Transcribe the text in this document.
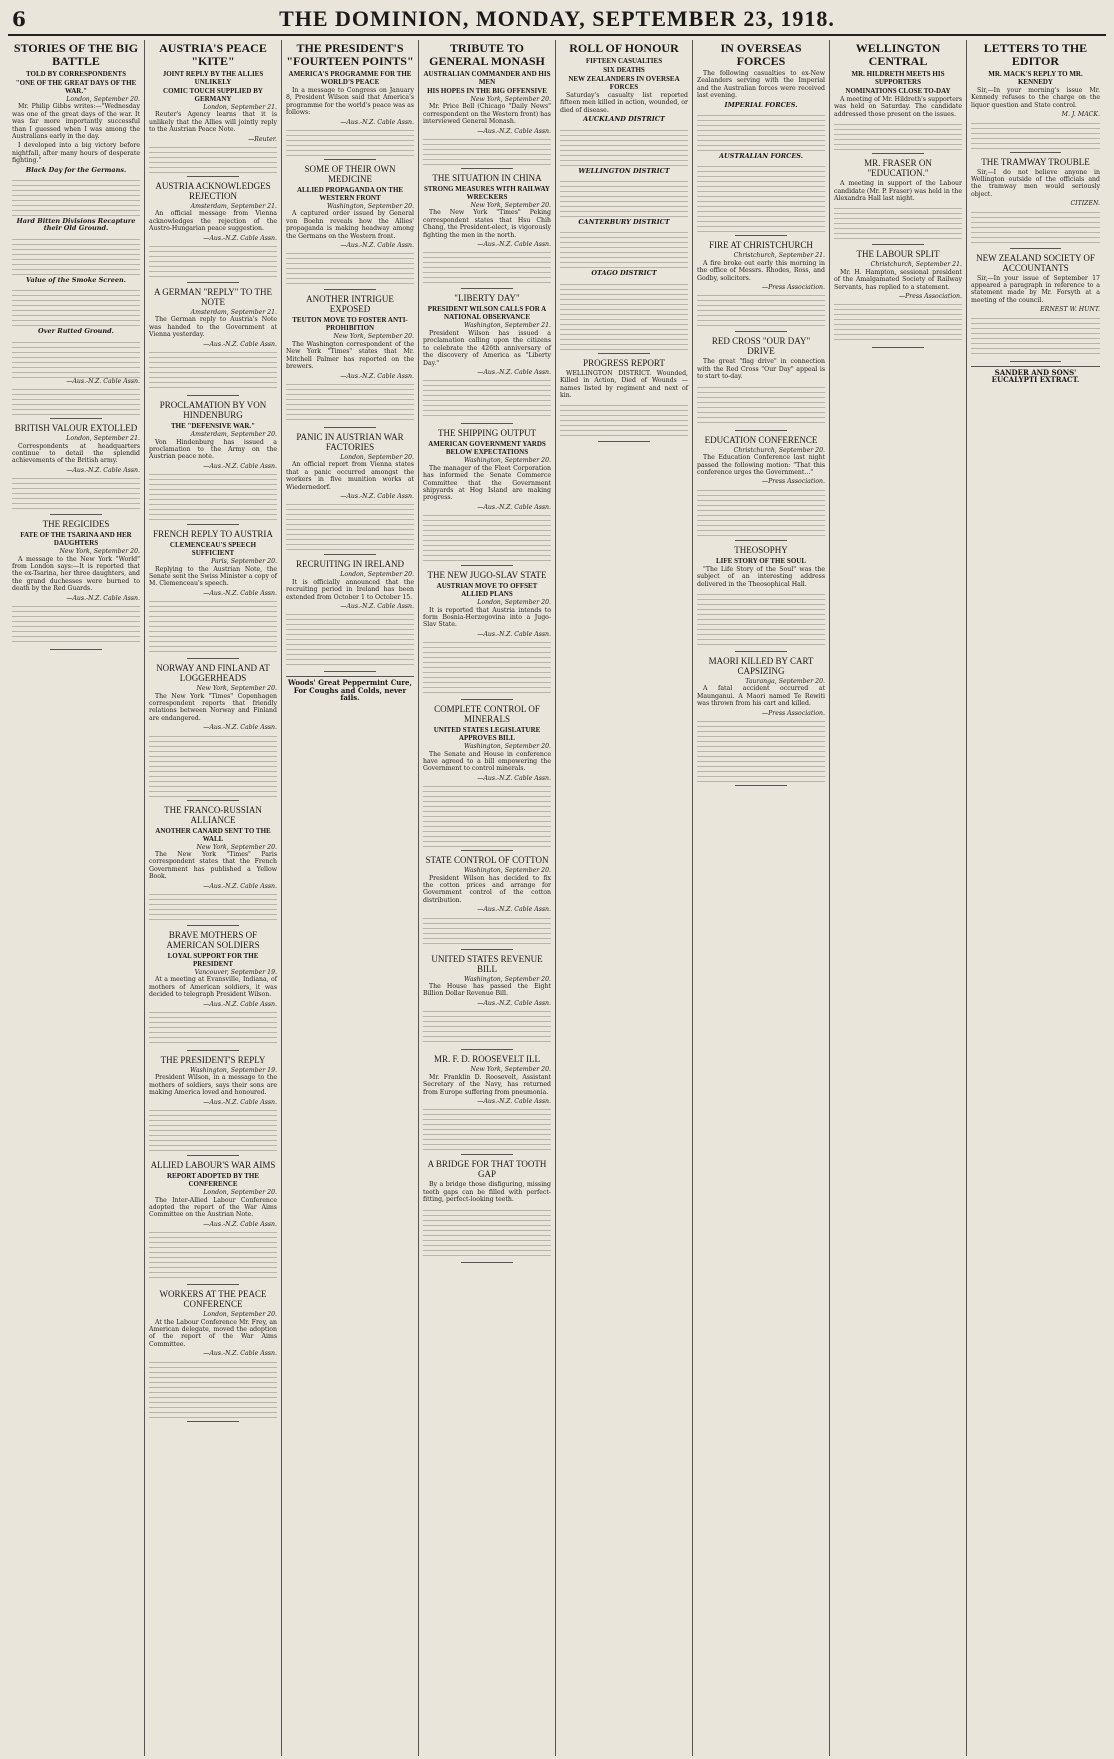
6	THE DOMINION, MONDAY, SEPTEMBER 23, 1918.
STORIES OF THE BIG BATTLE
TOLD BY CORRESPONDENTS
"ONE OF THE GREAT DAYS OF THE WAR."
London, September 20.

Mr. Philip Gibbs writes:—"Wednesday was one of the great days of the war. It was far more importantly successful than I guessed when I was among the Australians early in the day.

I developed into a big victory before nightfall, after many hours of desperate fighting."

Black Day for the Germans.
Hard Bitten Divisions Recapture their Old Ground.
Value of the Smoke Screen.
Over Rutted Ground.
—Aus.-N.Z. Cable Assn.
BRITISH VALOUR EXTOLLED
London, September 21.

Correspondents at headquarters continue to detail the splendid achievements of the British army.

—Aus.-N.Z. Cable Assn.
THE REGICIDES
FATE OF THE TSARINA AND HER DAUGHTERS
New York, September 20.

A message to the New York "World" from London says:—It is reported that the ex-Tsarina, her three daughters, and the grand duchesses were burned to death by the Red Guards.

—Aus.-N.Z. Cable Assn.
AUSTRIA'S PEACE "KITE"
JOINT REPLY BY THE ALLIES UNLIKELY
COMIC TOUCH SUPPLIED BY GERMANY
London, September 21.

Reuter's Agency learns that it is unlikely that the Allies will jointly reply to the Austrian Peace Note.

—Reuter.
AUSTRIA ACKNOWLEDGES REJECTION
Amsterdam, September 21.

An official message from Vienna acknowledges the rejection of the Austro-Hungarian peace suggestion.

—Aus.-N.Z. Cable Assn.
A GERMAN "REPLY" TO THE NOTE
Amsterdam, September 21.

The German reply to Austria's Note was handed to the Government at Vienna yesterday.

—Aus.-N.Z. Cable Assn.
PROCLAMATION BY VON HINDENBURG
THE "DEFENSIVE WAR."
Amsterdam, September 20.

Von Hindenburg has issued a proclamation to the Army on the Austrian peace note.

—Aus.-N.Z. Cable Assn.
FRENCH REPLY TO AUSTRIA
CLEMENCEAU'S SPEECH SUFFICIENT
Paris, September 20.

Replying to the Austrian Note, the Senate sent the Swiss Minister a copy of M. Clemenceau's speech.

—Aus.-N.Z. Cable Assn.
NORWAY AND FINLAND AT LOGGERHEADS
New York, September 20.

The New York "Times" Copenhagen correspondent reports that friendly relations between Norway and Finland are endangered.

—Aus.-N.Z. Cable Assn.
THE FRANCO-RUSSIAN ALLIANCE
ANOTHER CANARD SENT TO THE WALL
New York, September 20.

The New York "Times" Paris correspondent states that the French Government has published a Yellow Book.

—Aus.-N.Z. Cable Assn.
BRAVE MOTHERS OF AMERICAN SOLDIERS
LOYAL SUPPORT FOR THE PRESIDENT
Vancouver, September 19.

At a meeting at Evansville, Indiana, of mothers of American soldiers, it was decided to telegraph President Wilson.

—Aus.-N.Z. Cable Assn.
THE PRESIDENT'S REPLY
Washington, September 19.

President Wilson, in a message to the mothers of soldiers, says their sons are making America loved and honoured.

—Aus.-N.Z. Cable Assn.
ALLIED LABOUR'S WAR AIMS
REPORT ADOPTED BY THE CONFERENCE
London, September 20.

The Inter-Allied Labour Conference adopted the report of the War Aims Committee on the Austrian Note.

—Aus.-N.Z. Cable Assn.
WORKERS AT THE PEACE CONFERENCE
London, September 20.

At the Labour Conference Mr. Frey, an American delegate, moved the adoption of the report of the War Aims Committee.

—Aus.-N.Z. Cable Assn.
THE PRESIDENT'S "FOURTEEN POINTS"
AMERICA'S PROGRAMME FOR THE WORLD'S PEACE

In a message to Congress on January 8, President Wilson said that America's programme for the world's peace was as follows:

—Aus.-N.Z. Cable Assn.
SOME OF THEIR OWN MEDICINE
ALLIED PROPAGANDA ON THE WESTERN FRONT
Washington, September 20.

A captured order issued by General von Boehn reveals how the Allies' propaganda is making headway among the Germans on the Western front.

—Aus.-N.Z. Cable Assn.
ANOTHER INTRIGUE EXPOSED
TEUTON MOVE TO FOSTER ANTI-PROHIBITION
New York, September 20.

The Washington correspondent of the New York "Times" states that Mr. Mitchell Palmer has reported on the brewers.

—Aus.-N.Z. Cable Assn.
PANIC IN AUSTRIAN WAR FACTORIES
London, September 20.

An official report from Vienna states that a panic occurred amongst the workers in five munition works at Wiedernedorf.

—Aus.-N.Z. Cable Assn.
RECRUITING IN IRELAND
London, September 20.

It is officially announced that the recruiting period in Ireland has been extended from October 1 to October 15.

—Aus.-N.Z. Cable Assn.
Woods' Great Peppermint Cure, For Coughs and Colds, never fails.
TRIBUTE TO GENERAL MONASH
AUSTRALIAN COMMANDER AND HIS MEN
HIS HOPES IN THE BIG OFFENSIVE
New York, September 20.

Mr. Price Bell (Chicago "Daily News" correspondent on the Western front) has interviewed General Monash.

—Aus.-N.Z. Cable Assn.
THE SITUATION IN CHINA
STRONG MEASURES WITH RAILWAY WRECKERS
New York, September 20.

The New York "Times" Peking correspondent states that Hsu Chih Chang, the President-elect, is vigorously fighting the men in the north.

—Aus.-N.Z. Cable Assn.
"LIBERTY DAY"
PRESIDENT WILSON CALLS FOR A NATIONAL OBSERVANCE
Washington, September 21.

President Wilson has issued a proclamation calling upon the citizens to celebrate the 426th anniversary of the discovery of America as "Liberty Day."

—Aus.-N.Z. Cable Assn.
THE SHIPPING OUTPUT
AMERICAN GOVERNMENT YARDS BELOW EXPECTATIONS
Washington, September 20.

The manager of the Fleet Corporation has informed the Senate Commerce Committee that the Government shipyards at Hog Island are making progress.

—Aus.-N.Z. Cable Assn.
THE NEW JUGO-SLAV STATE
AUSTRIAN MOVE TO OFFSET ALLIED PLANS
London, September 20.

It is reported that Austria intends to form Bosnia-Herzegovina into a Jugo-Slav State.

—Aus.-N.Z. Cable Assn.
COMPLETE CONTROL OF MINERALS
UNITED STATES LEGISLATURE APPROVES BILL
Washington, September 20.

The Senate and House in conference have agreed to a bill empowering the Government to control minerals.

—Aus.-N.Z. Cable Assn.
STATE CONTROL OF COTTON
Washington, September 20.

President Wilson has decided to fix the cotton prices and arrange for Government control of the cotton distribution.

—Aus.-N.Z. Cable Assn.
UNITED STATES REVENUE BILL
Washington, September 20.

The House has passed the Eight Billion Dollar Revenue Bill.

—Aus.-N.Z. Cable Assn.
MR. F. D. ROOSEVELT ILL
New York, September 20.

Mr. Franklin D. Roosevelt, Assistant Secretary of the Navy, has returned from Europe suffering from pneumonia.

—Aus.-N.Z. Cable Assn.
A BRIDGE FOR THAT TOOTH GAP

By a bridge those disfiguring, missing teeth gaps can be filled with perfect-fitting, perfect-looking teeth.

ROLL OF HONOUR
FIFTEEN CASUALTIES
SIX DEATHS
NEW ZEALANDERS IN OVERSEA FORCES

Saturday's casualty list reported fifteen men killed in action, wounded, or died of disease.

AUCKLAND DISTRICT
WELLINGTON DISTRICT
CANTERBURY DISTRICT
OTAGO DISTRICT
PROGRESS REPORT

WELLINGTON DISTRICT. Wounded, Killed in Action, Died of Wounds — names listed by regiment and next of kin.

IN OVERSEAS FORCES

The following casualties to ex-New Zealanders serving with the Imperial and the Australian forces were received last evening.

IMPERIAL FORCES.
AUSTRALIAN FORCES.
FIRE AT CHRISTCHURCH
Christchurch, September 21.

A fire broke out early this morning in the office of Messrs. Rhodes, Ross, and Godby, solicitors.

—Press Association.
RED CROSS "OUR DAY" DRIVE

The great "flag drive" in connection with the Red Cross "Our Day" appeal is to start to-day.

EDUCATION CONFERENCE
Christchurch, September 20.

The Education Conference last night passed the following motion: "That this conference urges the Government..."

—Press Association.
THEOSOPHY
LIFE STORY OF THE SOUL

"The Life Story of the Soul" was the subject of an interesting address delivered in the Theosophical Hall.

MAORI KILLED BY CART CAPSIZING
Tauranga, September 20.

A fatal accident occurred at Maunganui. A Maori named Te Rewiti was thrown from his cart and killed.

—Press Association.
WELLINGTON CENTRAL
MR. HILDRETH MEETS HIS SUPPORTERS
NOMINATIONS CLOSE TO-DAY

A meeting of Mr. Hildreth's supporters was held on Saturday. The candidate addressed those present on the issues.

MR. FRASER ON "EDUCATION."

A meeting in support of the Labour candidate (Mr. P. Fraser) was held in the Alexandra Hall last night.

THE LABOUR SPLIT
Christchurch, September 21.

Mr. H. Hampton, sessional president of the Amalgamated Society of Railway Servants, has replied to a statement.

—Press Association.
LETTERS TO THE EDITOR
MR. MACK'S REPLY TO MR. KENNEDY

Sir,—In your morning's issue Mr. Kennedy refuses to the charge on the liquor question and State control.

M. J. MACK.
THE TRAMWAY TROUBLE

Sir,—I do not believe anyone in Wellington outside of the officials and the tramway men would seriously object.

CITIZEN.
NEW ZEALAND SOCIETY OF ACCOUNTANTS

Sir,—In your issue of September 17 appeared a paragraph in reference to a statement made by Mr. Forsyth at a meeting of the council.

ERNEST W. HUNT.
SANDER AND SONS' EUCALYPTI EXTRACT.
